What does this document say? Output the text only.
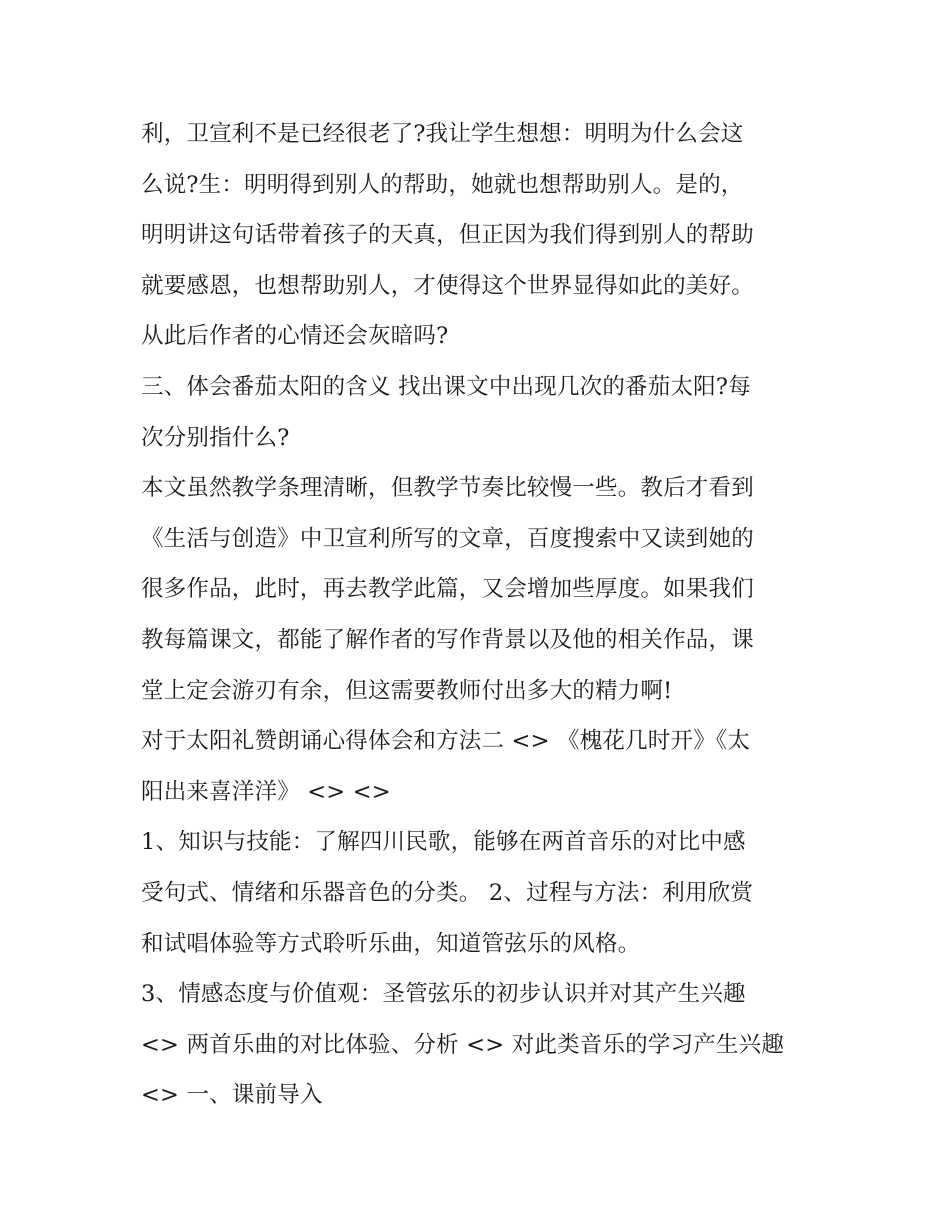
利，卫宣利不是已经很老了?我让学生想想：明明为什么会这
么说?生：明明得到别人的帮助，她就也想帮助别人。是的，
明明讲这句话带着孩子的天真，但正因为我们得到别人的帮助
就要感恩，也想帮助别人，才使得这个世界显得如此的美好。
从此后作者的心情还会灰暗吗?
三、体会番茄太阳的含义 找出课文中出现几次的番茄太阳?每
次分别指什么?
本文虽然教学条理清晰，但教学节奏比较慢一些。教后才看到
《生活与创造》中卫宣利所写的文章，百度搜索中又读到她的
很多作品，此时，再去教学此篇，又会增加些厚度。如果我们
教每篇课文，都能了解作者的写作背景以及他的相关作品，课
堂上定会游刃有余，但这需要教师付出多大的精力啊!
对于太阳礼赞朗诵心得体会和方法二 <> 《槐花几时开》《太
阳出来喜洋洋》 <> <>
1、知识与技能：了解四川民歌，能够在两首音乐的对比中感
受句式、情绪和乐器音色的分类。 2、过程与方法：利用欣赏
和试唱体验等方式聆听乐曲，知道管弦乐的风格。
3、情感态度与价值观：圣管弦乐的初步认识并对其产生兴趣
<> 两首乐曲的对比体验、分析 <> 对此类音乐的学习产生兴趣
<> 一、课前导入
